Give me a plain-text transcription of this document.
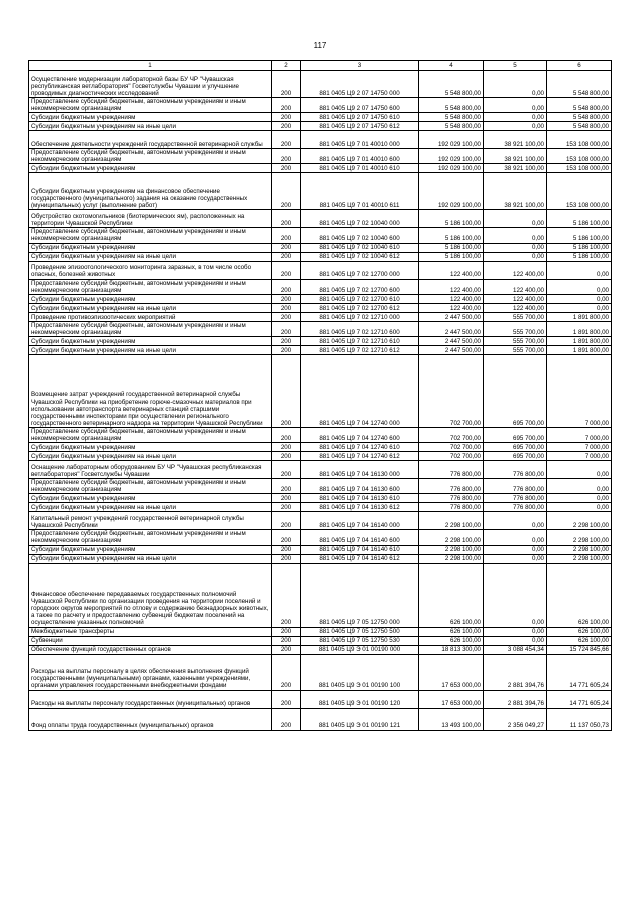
117
1	2	3	4	5	6
Осуществление модернизации лабораторной базы БУ ЧР "Чувашская республиканская ветлаборатория" Госветслужбы Чувашии и улучшение проводимых диагностических исследований	200	881 0405 Ц9 2 07 14750 000	5 548 800,00	0,00	5 548 800,00
Предоставление субсидий бюджетным, автономным учреждениям и иным некоммерческим организациям	200	881 0405 Ц9 2 07 14750 600	5 548 800,00	0,00	5 548 800,00
Субсидии бюджетным учреждениям	200	881 0405 Ц9 2 07 14750 610	5 548 800,00	0,00	5 548 800,00
Субсидии бюджетным учреждениям на иные цели	200	881 0405 Ц9 2 07 14750 612	5 548 800,00	0,00	5 548 800,00
Обеспечение деятельности учреждений государственной ветеринарной службы	200	881 0405 Ц9 7 01 40010 000	192 029 100,00	38 921 100,00	153 108 000,00
Предоставление субсидий бюджетным, автономным учреждениям и иным некоммерческим организациям	200	881 0405 Ц9 7 01 40010 600	192 029 100,00	38 921 100,00	153 108 000,00
Субсидии бюджетным учреждениям	200	881 0405 Ц9 7 01 40010 610	192 029 100,00	38 921 100,00	153 108 000,00
Субсидии бюджетным учреждениям на финансовое обеспечение государственного (муниципального) задания на оказание государственных (муниципальных) услуг (выполнение работ)	200	881 0405 Ц9 7 01 40010 611	192 029 100,00	38 921 100,00	153 108 000,00
Обустройство скотомогильников (биотермических ям), расположенных на территории Чувашской Республики	200	881 0405 Ц9 7 02 10040 000	5 186 100,00	0,00	5 186 100,00
Предоставление субсидий бюджетным, автономным учреждениям и иным некоммерческим организациям	200	881 0405 Ц9 7 02 10040 600	5 186 100,00	0,00	5 186 100,00
Субсидии бюджетным учреждениям	200	881 0405 Ц9 7 02 10040 610	5 186 100,00	0,00	5 186 100,00
Субсидии бюджетным учреждениям на иные цели	200	881 0405 Ц9 7 02 10040 612	5 186 100,00	0,00	5 186 100,00
Проведение эпизоотологического мониторинга заразных, в том числе особо опасных, болезней животных	200	881 0405 Ц9 7 02 12700 000	122 400,00	122 400,00	0,00
Предоставление субсидий бюджетным, автономным учреждениям и иным некоммерческим организациям	200	881 0405 Ц9 7 02 12700 600	122 400,00	122 400,00	0,00
Субсидии бюджетным учреждениям	200	881 0405 Ц9 7 02 12700 610	122 400,00	122 400,00	0,00
Субсидии бюджетным учреждениям на иные цели	200	881 0405 Ц9 7 02 12700 612	122 400,00	122 400,00	0,00
Проведение противоэпизоотических мероприятий	200	881 0405 Ц9 7 02 12710 000	2 447 500,00	555 700,00	1 891 800,00
Предоставление субсидий бюджетным, автономным учреждениям и иным некоммерческим организациям	200	881 0405 Ц9 7 02 12710 600	2 447 500,00	555 700,00	1 891 800,00
Субсидии бюджетным учреждениям	200	881 0405 Ц9 7 02 12710 610	2 447 500,00	555 700,00	1 891 800,00
Субсидии бюджетным учреждениям на иные цели	200	881 0405 Ц9 7 02 12710 612	2 447 500,00	555 700,00	1 891 800,00
Возмещение затрат учреждений государственной ветеринарной службы Чувашской Республики на приобретение горюче-смазочных материалов при использовании автотранспорта ветеринарных станций старшими государственными инспекторами при осуществлении регионального государственного ветеринарного надзора на территории Чувашской Республики	200	881 0405 Ц9 7 04 12740 000	702 700,00	695 700,00	7 000,00
Предоставление субсидий бюджетным, автономным учреждениям и иным некоммерческим организациям	200	881 0405 Ц9 7 04 12740 600	702 700,00	695 700,00	7 000,00
Субсидии бюджетным учреждениям	200	881 0405 Ц9 7 04 12740 610	702 700,00	695 700,00	7 000,00
Субсидии бюджетным учреждениям на иные цели	200	881 0405 Ц9 7 04 12740 612	702 700,00	695 700,00	7 000,00
Оснащение лабораторным оборудованием БУ ЧР "Чувашская республиканская ветлаборатория" Госветслужбы Чувашии	200	881 0405 Ц9 7 04 16130 000	776 800,00	776 800,00	0,00
Предоставление субсидий бюджетным, автономным учреждениям и иным некоммерческим организациям	200	881 0405 Ц9 7 04 16130 600	776 800,00	776 800,00	0,00
Субсидии бюджетным учреждениям	200	881 0405 Ц9 7 04 16130 610	776 800,00	776 800,00	0,00
Субсидии бюджетным учреждениям на иные цели	200	881 0405 Ц9 7 04 16130 612	776 800,00	776 800,00	0,00
Капитальный ремонт учреждений государственной ветеринарной службы Чувашской Республики	200	881 0405 Ц9 7 04 16140 000	2 298 100,00	0,00	2 298 100,00
Предоставление субсидий бюджетным, автономным учреждениям и иным некоммерческим организациям	200	881 0405 Ц9 7 04 16140 600	2 298 100,00	0,00	2 298 100,00
Субсидии бюджетным учреждениям	200	881 0405 Ц9 7 04 16140 610	2 298 100,00	0,00	2 298 100,00
Субсидии бюджетным учреждениям на иные цели	200	881 0405 Ц9 7 04 16140 612	2 298 100,00	0,00	2 298 100,00
Финансовое обеспечение передаваемых государственных полномочий Чувашской Республики по организации проведения на территории поселений и городских округов мероприятий по отлову и содержанию безнадзорных животных, а также по расчету и предоставлению субвенций бюджетам поселений на осуществление указанных полномочий	200	881 0405 Ц9 7 05 12750 000	626 100,00	0,00	626 100,00
Межбюджетные трансферты	200	881 0405 Ц9 7 05 12750 500	626 100,00	0,00	626 100,00
Субвенции	200	881 0405 Ц9 7 05 12750 530	626 100,00	0,00	626 100,00
Обеспечение функций государственных органов	200	881 0405 Ц9 Э 01 00190 000	18 813 300,00	3 088 454,34	15 724 845,66
Расходы на выплаты персоналу в целях обеспечения выполнения функций государственными (муниципальными) органами, казенными учреждениями, органами управления государственными внебюджетными фондами	200	881 0405 Ц9 Э 01 00190 100	17 653 000,00	2 881 394,76	14 771 605,24
Расходы на выплаты персоналу государственных (муниципальных) органов	200	881 0405 Ц9 Э 01 00190 120	17 653 000,00	2 881 394,76	14 771 605,24
Фонд оплаты труда государственных (муниципальных) органов	200	881 0405 Ц9 Э 01 00190 121	13 493 100,00	2 356 049,27	11 137 050,73
